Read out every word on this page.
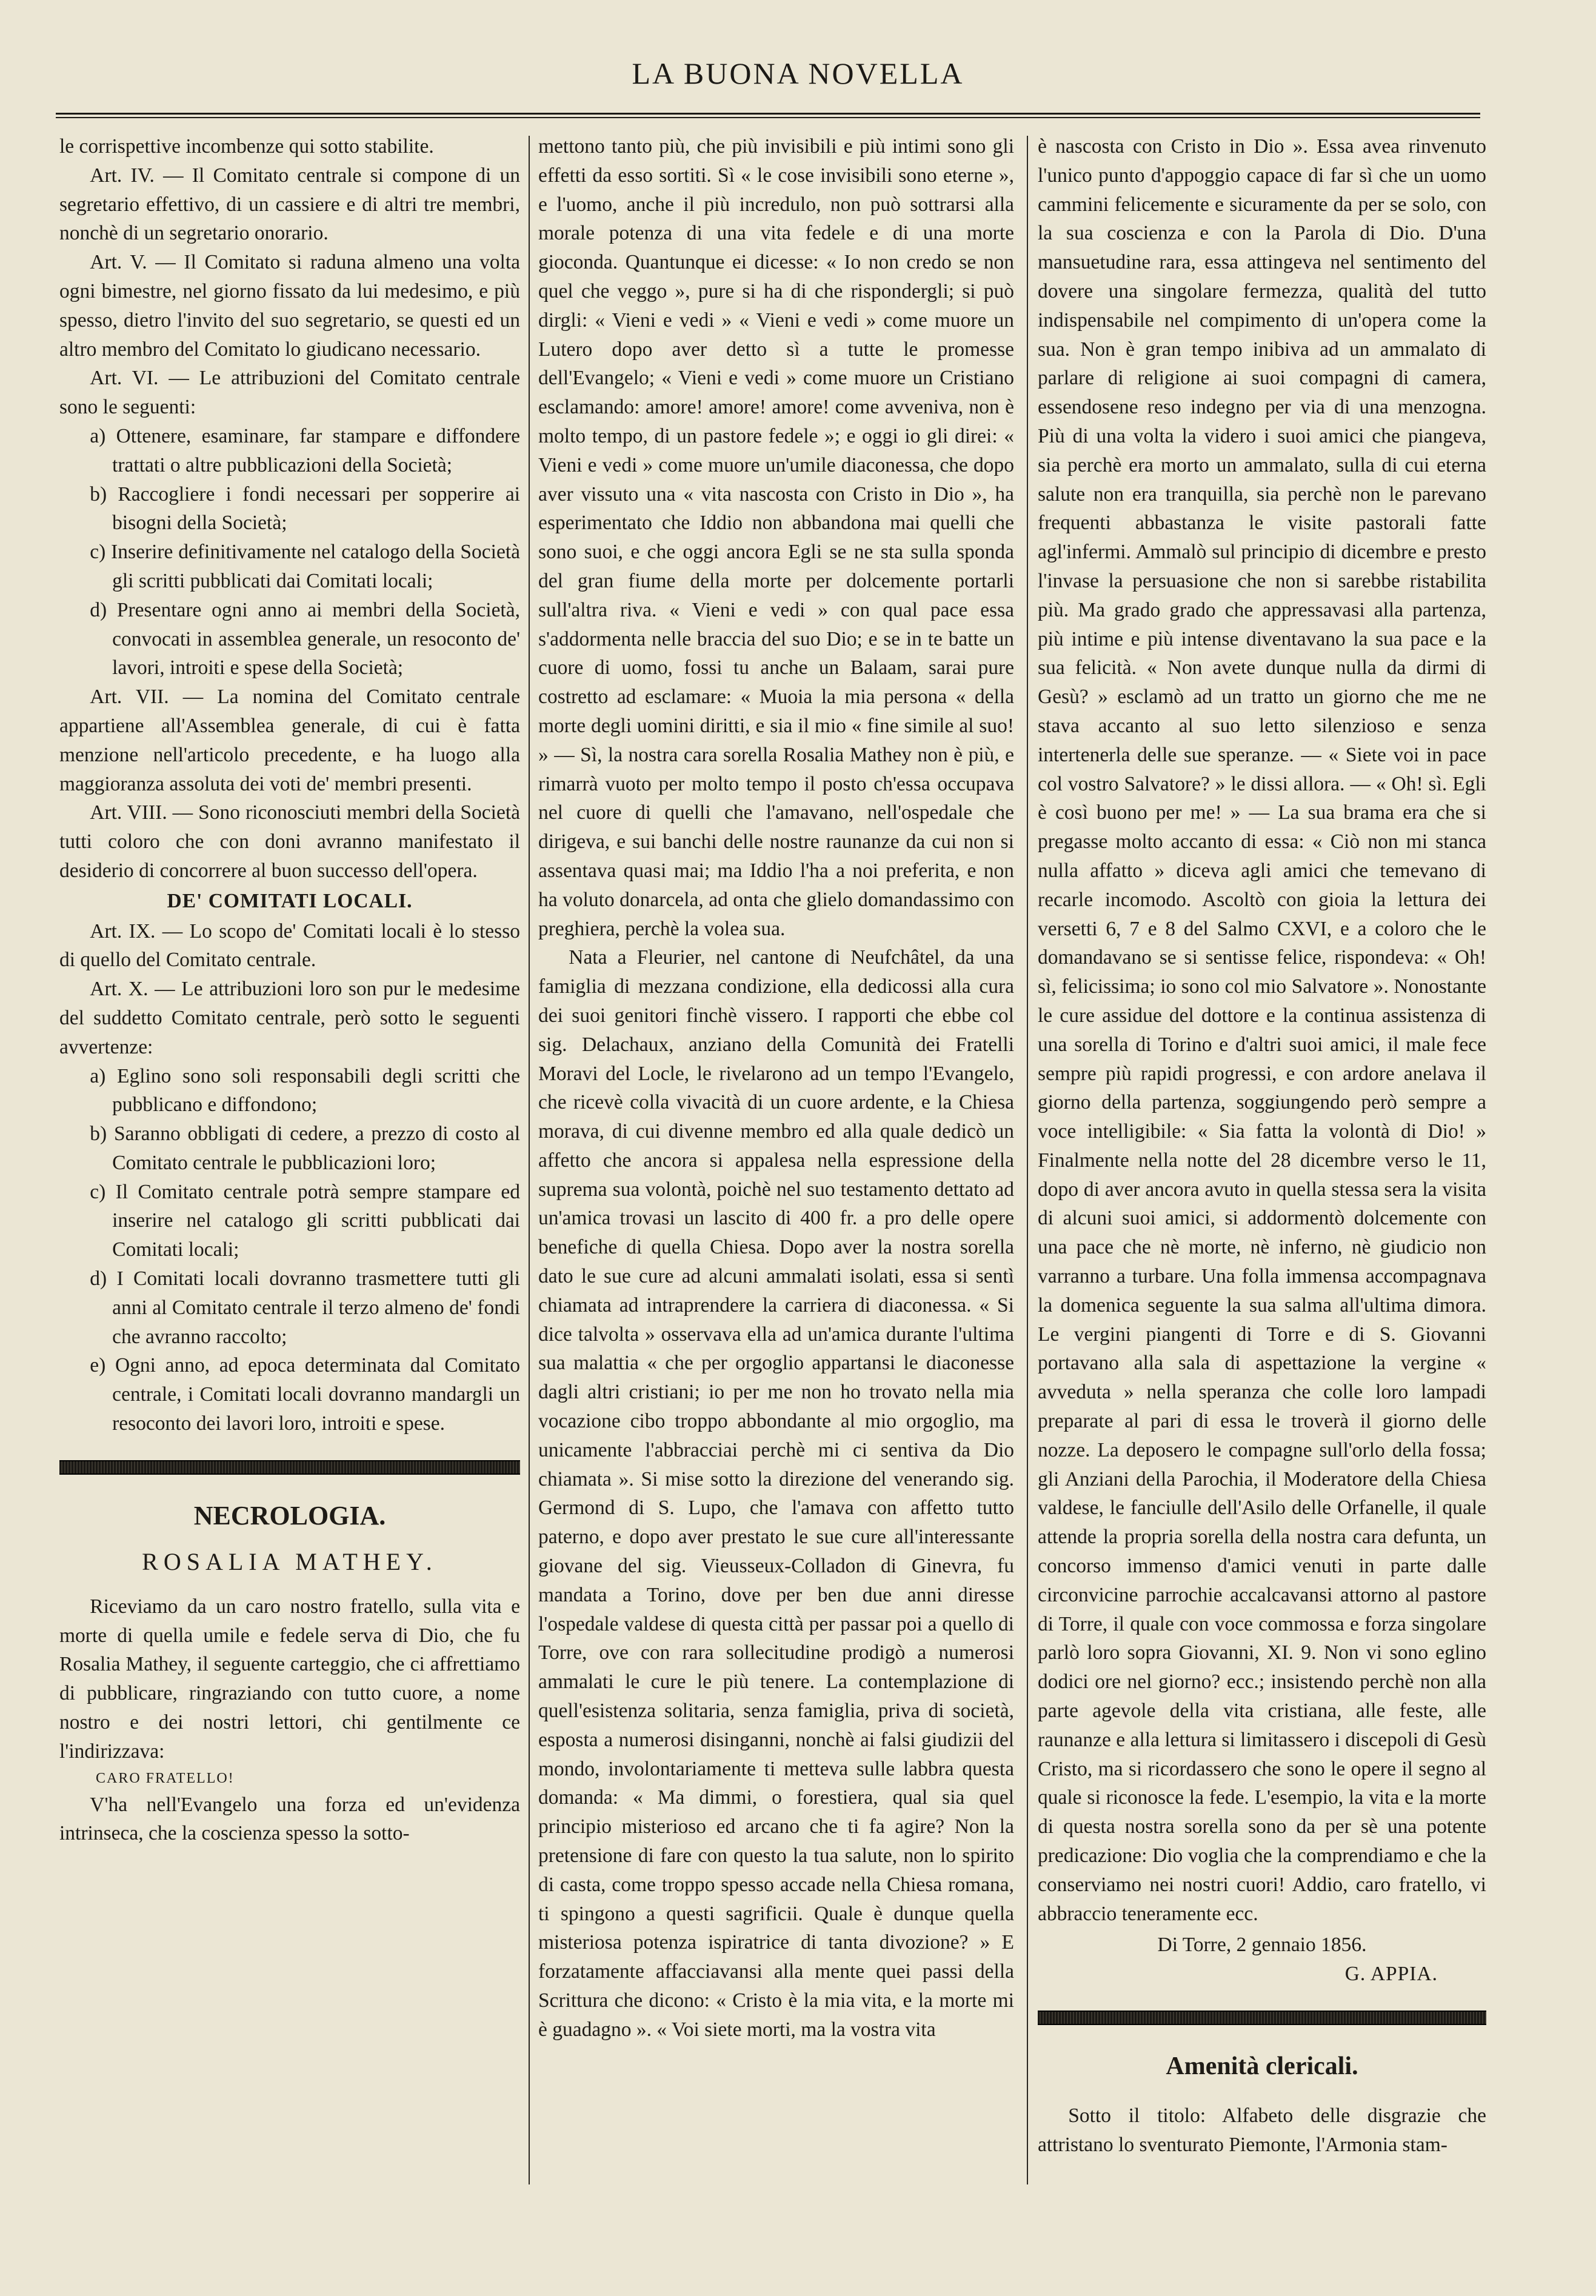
LA BUONA NOVELLA

le corrispettive incombenze qui sotto stabilite.

Art. IV. — Il Comitato centrale si compone di un segretario effettivo, di un cassiere e di altri tre membri, nonchè di un segretario onorario.

Art. V. — Il Comitato si raduna almeno una volta ogni bimestre, nel giorno fissato da lui medesimo, e più spesso, dietro l'invito del suo segretario, se questi ed un altro membro del Comitato lo giudicano necessario.

Art. VI. — Le attribuzioni del Comitato centrale sono le seguenti:

a) Ottenere, esaminare, far stampare e diffondere trattati o altre pubblicazioni della Società;

b) Raccogliere i fondi necessari per sopperire ai bisogni della Società;

c) Inserire definitivamente nel catalogo della Società gli scritti pubblicati dai Comitati locali;

d) Presentare ogni anno ai membri della Società, convocati in assemblea generale, un resoconto de' lavori, introiti e spese della Società;

Art. VII. — La nomina del Comitato centrale appartiene all'Assemblea generale, di cui è fatta menzione nell'articolo precedente, e ha luogo alla maggioranza assoluta dei voti de' membri presenti.

Art. VIII. — Sono riconosciuti membri della Società tutti coloro che con doni avranno manifestato il desiderio di concorrere al buon successo dell'opera.

DE' COMITATI LOCALI.

Art. IX. — Lo scopo de' Comitati locali è lo stesso di quello del Comitato centrale.

Art. X. — Le attribuzioni loro son pur le medesime del suddetto Comitato centrale, però sotto le seguenti avvertenze:

a) Eglino sono soli responsabili degli scritti che pubblicano e diffondono;

b) Saranno obbligati di cedere, a prezzo di costo al Comitato centrale le pubblicazioni loro;

c) Il Comitato centrale potrà sempre stampare ed inserire nel catalogo gli scritti pubblicati dai Comitati locali;

d) I Comitati locali dovranno trasmettere tutti gli anni al Comitato centrale il terzo almeno de' fondi che avranno raccolto;

e) Ogni anno, ad epoca determinata dal Comitato centrale, i Comitati locali dovranno mandargli un resoconto dei lavori loro, introiti e spese.

NECROLOGIA.
ROSALIA MATHEY.

Riceviamo da un caro nostro fratello, sulla vita e morte di quella umile e fedele serva di Dio, che fu Rosalia Mathey, il seguente carteggio, che ci affrettiamo di pubblicare, ringraziando con tutto cuore, a nome nostro e dei nostri lettori, chi gentilmente ce l'indirizzava:

CARO FRATELLO!

V'ha nell'Evangelo una forza ed un'evidenza intrinseca, che la coscienza spesso la sotto-

mettono tanto più, che più invisibili e più intimi sono gli effetti da esso sortiti. Sì « le cose invisibili sono eterne », e l'uomo, anche il più incredulo, non può sottrarsi alla morale potenza di una vita fedele e di una morte gioconda. Quantunque ei dicesse: « Io non credo se non quel che veggo », pure si ha di che rispondergli; si può dirgli: « Vieni e vedi » « Vieni e vedi » come muore un Lutero dopo aver detto sì a tutte le promesse dell'Evangelo; « Vieni e vedi » come muore un Cristiano esclamando: amore! amore! amore! come avveniva, non è molto tempo, di un pastore fedele »; e oggi io gli direi: « Vieni e vedi » come muore un'umile diaconessa, che dopo aver vissuto una « vita nascosta con Cristo in Dio », ha esperimentato che Iddio non abbandona mai quelli che sono suoi, e che oggi ancora Egli se ne sta sulla sponda del gran fiume della morte per dolcemente portarli sull'altra riva. « Vieni e vedi » con qual pace essa s'addormenta nelle braccia del suo Dio; e se in te batte un cuore di uomo, fossi tu anche un Balaam, sarai pure costretto ad esclamare: « Muoia la mia persona « della morte degli uomini diritti, e sia il mio « fine simile al suo! » — Sì, la nostra cara sorella Rosalia Mathey non è più, e rimarrà vuoto per molto tempo il posto ch'essa occupava nel cuore di quelli che l'amavano, nell'ospedale che dirigeva, e sui banchi delle nostre raunanze da cui non si assentava quasi mai; ma Iddio l'ha a noi preferita, e non ha voluto donarcela, ad onta che glielo domandassimo con preghiera, perchè la volea sua.

Nata a Fleurier, nel cantone di Neufchâtel, da una famiglia di mezzana condizione, ella dedicossi alla cura dei suoi genitori finchè vissero. I rapporti che ebbe col sig. Delachaux, anziano della Comunità dei Fratelli Moravi del Locle, le rivelarono ad un tempo l'Evangelo, che ricevè colla vivacità di un cuore ardente, e la Chiesa morava, di cui divenne membro ed alla quale dedicò un affetto che ancora si appalesa nella espressione della suprema sua volontà, poichè nel suo testamento dettato ad un'amica trovasi un lascito di 400 fr. a pro delle opere benefiche di quella Chiesa. Dopo aver la nostra sorella dato le sue cure ad alcuni ammalati isolati, essa si sentì chiamata ad intraprendere la carriera di diaconessa. « Si dice talvolta » osservava ella ad un'amica durante l'ultima sua malattia « che per orgoglio appartansi le diaconesse dagli altri cristiani; io per me non ho trovato nella mia vocazione cibo troppo abbondante al mio orgoglio, ma unicamente l'abbracciai perchè mi ci sentiva da Dio chiamata ». Si mise sotto la direzione del venerando sig. Germond di S. Lupo, che l'amava con affetto tutto paterno, e dopo aver prestato le sue cure all'interessante giovane del sig. Vieusseux-Colladon di Ginevra, fu mandata a Torino, dove per ben due anni diresse l'ospedale valdese di questa città per passar poi a quello di Torre, ove con rara sollecitudine prodigò a numerosi ammalati le cure le più tenere. La contemplazione di quell'esistenza solitaria, senza famiglia, priva di società, esposta a numerosi disinganni, nonchè ai falsi giudizii del mondo, involontariamente ti metteva sulle labbra questa domanda: « Ma dimmi, o forestiera, qual sia quel principio misterioso ed arcano che ti fa agire? Non la pretensione di fare con questo la tua salute, non lo spirito di casta, come troppo spesso accade nella Chiesa romana, ti spingono a questi sagrificii. Quale è dunque quella misteriosa potenza ispiratrice di tanta divozione? » E forzatamente affacciavansi alla mente quei passi della Scrittura che dicono: « Cristo è la mia vita, e la morte mi è guadagno ». « Voi siete morti, ma la vostra vita

è nascosta con Cristo in Dio ». Essa avea rinvenuto l'unico punto d'appoggio capace di far sì che un uomo cammini felicemente e sicuramente da per se solo, con la sua coscienza e con la Parola di Dio. D'una mansuetudine rara, essa attingeva nel sentimento del dovere una singolare fermezza, qualità del tutto indispensabile nel compimento di un'opera come la sua. Non è gran tempo inibiva ad un ammalato di parlare di religione ai suoi compagni di camera, essendosene reso indegno per via di una menzogna. Più di una volta la videro i suoi amici che piangeva, sia perchè era morto un ammalato, sulla di cui eterna salute non era tranquilla, sia perchè non le parevano frequenti abbastanza le visite pastorali fatte agl'infermi. Ammalò sul principio di dicembre e presto l'invase la persuasione che non si sarebbe ristabilita più. Ma grado grado che appressavasi alla partenza, più intime e più intense diventavano la sua pace e la sua felicità. « Non avete dunque nulla da dirmi di Gesù? » esclamò ad un tratto un giorno che me ne stava accanto al suo letto silenzioso e senza intertenerla delle sue speranze. — « Siete voi in pace col vostro Salvatore? » le dissi allora. — « Oh! sì. Egli è così buono per me! » — La sua brama era che si pregasse molto accanto di essa: « Ciò non mi stanca nulla affatto » diceva agli amici che temevano di recarle incomodo. Ascoltò con gioia la lettura dei versetti 6, 7 e 8 del Salmo CXVI, e a coloro che le domandavano se si sentisse felice, rispondeva: « Oh! sì, felicissima; io sono col mio Salvatore ». Nonostante le cure assidue del dottore e la continua assistenza di una sorella di Torino e d'altri suoi amici, il male fece sempre più rapidi progressi, e con ardore anelava il giorno della partenza, soggiungendo però sempre a voce intelligibile: « Sia fatta la volontà di Dio! » Finalmente nella notte del 28 dicembre verso le 11, dopo di aver ancora avuto in quella stessa sera la visita di alcuni suoi amici, si addormentò dolcemente con una pace che nè morte, nè inferno, nè giudicio non varranno a turbare. Una folla immensa accompagnava la domenica seguente la sua salma all'ultima dimora. Le vergini piangenti di Torre e di S. Giovanni portavano alla sala di aspettazione la vergine « avveduta » nella speranza che colle loro lampadi preparate al pari di essa le troverà il giorno delle nozze. La deposero le compagne sull'orlo della fossa; gli Anziani della Parochia, il Moderatore della Chiesa valdese, le fanciulle dell'Asilo delle Orfanelle, il quale attende la propria sorella della nostra cara defunta, un concorso immenso d'amici venuti in parte dalle circonvicine parrochie accalcavansi attorno al pastore di Torre, il quale con voce commossa e forza singolare parlò loro sopra Giovanni, XI. 9. Non vi sono eglino dodici ore nel giorno? ecc.; insistendo perchè non alla parte agevole della vita cristiana, alle feste, alle raunanze e alla lettura si limitassero i discepoli di Gesù Cristo, ma si ricordassero che sono le opere il segno al quale si riconosce la fede. L'esempio, la vita e la morte di questa nostra sorella sono da per sè una potente predicazione: Dio voglia che la comprendiamo e che la conserviamo nei nostri cuori! Addio, caro fratello, vi abbraccio teneramente ecc.

Di Torre, 2 gennaio 1856.

G. APPIA.

Amenità clericali.

Sotto il titolo: Alfabeto delle disgrazie che attristano lo sventurato Piemonte, l'Armonia stam-
